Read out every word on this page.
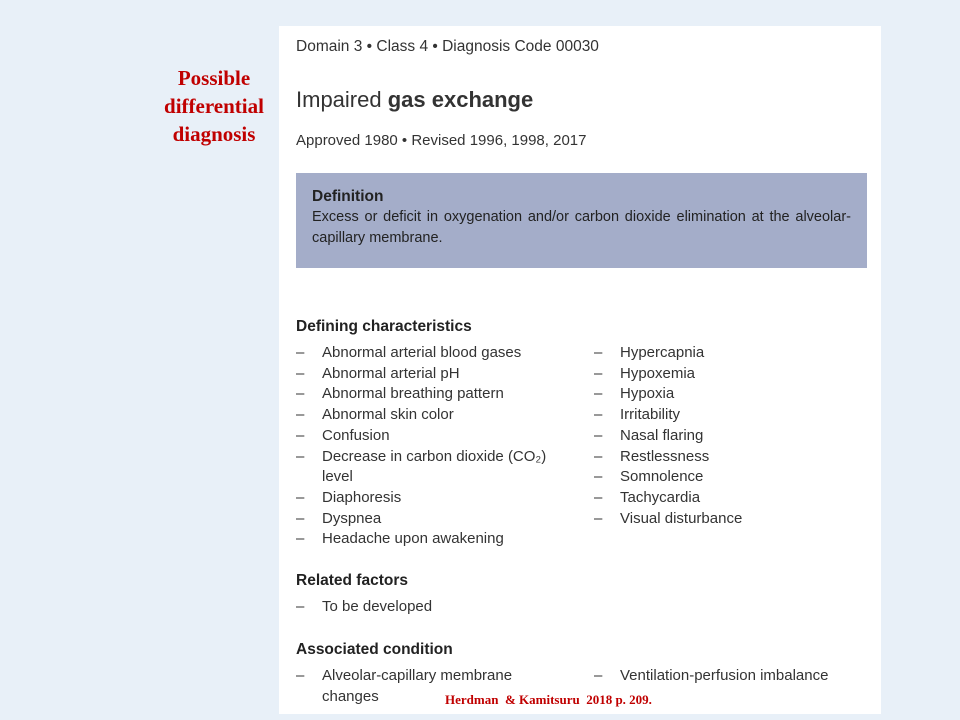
Possible
differential
diagnosis
Domain 3 • Class 4 • Diagnosis Code 00030
Impaired gas exchange
Approved 1980 • Revised 1996, 1998, 2017
Definition
Excess or deficit in oxygenation and/or carbon dioxide elimination at the alveolar-capillary membrane.
Defining characteristics
– Abnormal arterial blood gases
– Abnormal arterial pH
– Abnormal breathing pattern
– Abnormal skin color
– Confusion
– Decrease in carbon dioxide (CO₂) level
– Diaphoresis
– Dyspnea
– Headache upon awakening
– Hypercapnia
– Hypoxemia
– Hypoxia
– Irritability
– Nasal flaring
– Restlessness
– Somnolence
– Tachycardia
– Visual disturbance
Related factors
– To be developed
Associated condition
– Alveolar-capillary membrane changes
– Ventilation-perfusion imbalance
Herdman  & Kamitsuru  2018 p. 209.
